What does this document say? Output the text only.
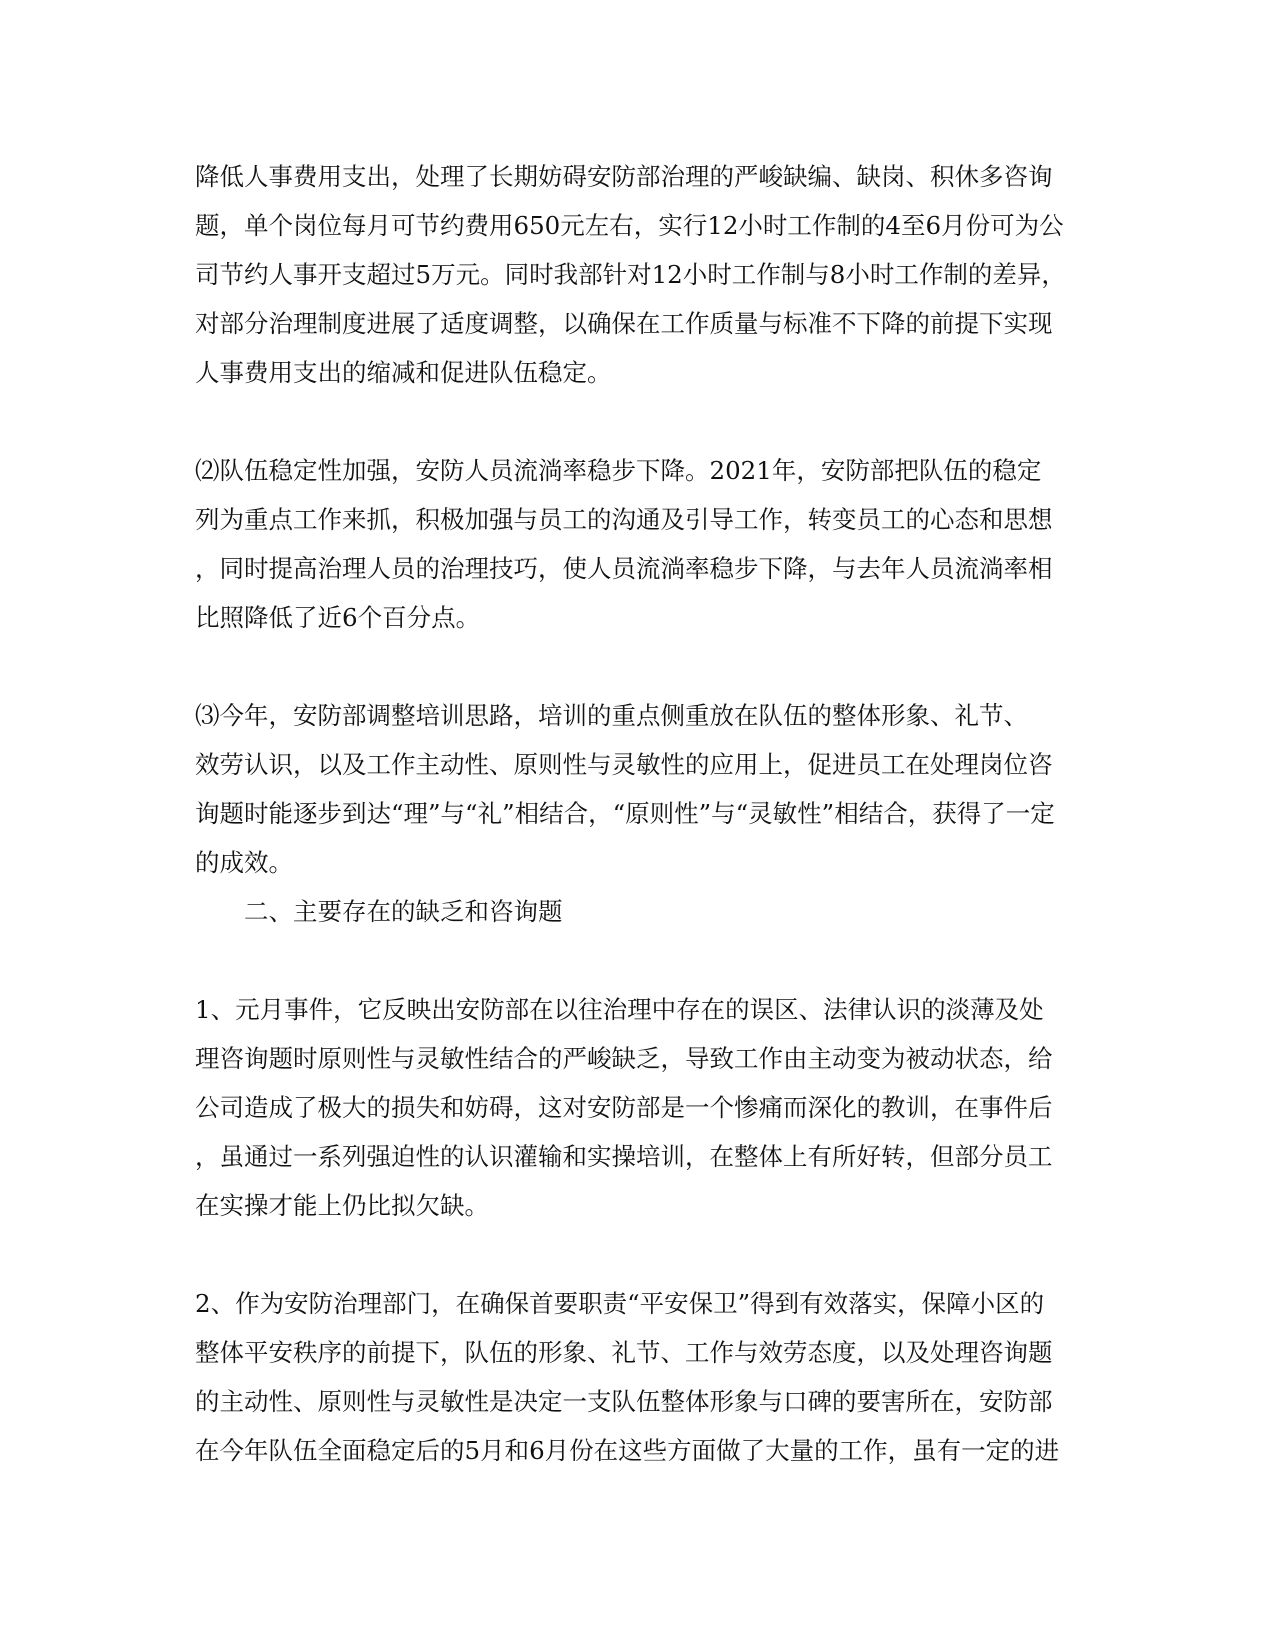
降低人事费用支出，处理了长期妨碍安防部治理的严峻缺编、缺岗、积休多咨询
题，单个岗位每月可节约费用650元左右，实行12小时工作制的4至6月份可为公
司节约人事开支超过5万元。同时我部针对12小时工作制与8小时工作制的差异，
对部分治理制度进展了适度调整，以确保在工作质量与标准不下降的前提下实现
人事费用支出的缩减和促进队伍稳定。
⑵队伍稳定性加强，安防人员流淌率稳步下降。2021年，安防部把队伍的稳定
列为重点工作来抓，积极加强与员工的沟通及引导工作，转变员工的心态和思想
，同时提高治理人员的治理技巧，使人员流淌率稳步下降，与去年人员流淌率相
比照降低了近6个百分点。
⑶今年，安防部调整培训思路，培训的重点侧重放在队伍的整体形象、礼节、
效劳认识，以及工作主动性、原则性与灵敏性的应用上，促进员工在处理岗位咨
询题时能逐步到达“理”与“礼”相结合，“原则性”与“灵敏性”相结合，获得了一定
的成效。
二、主要存在的缺乏和咨询题
1、元月事件，它反映出安防部在以往治理中存在的误区、法律认识的淡薄及处
理咨询题时原则性与灵敏性结合的严峻缺乏，导致工作由主动变为被动状态，给
公司造成了极大的损失和妨碍，这对安防部是一个惨痛而深化的教训，在事件后
，虽通过一系列强迫性的认识灌输和实操培训，在整体上有所好转，但部分员工
在实操才能上仍比拟欠缺。
2、作为安防治理部门，在确保首要职责“平安保卫”得到有效落实，保障小区的
整体平安秩序的前提下，队伍的形象、礼节、工作与效劳态度，以及处理咨询题
的主动性、原则性与灵敏性是决定一支队伍整体形象与口碑的要害所在，安防部
在今年队伍全面稳定后的5月和6月份在这些方面做了大量的工作，虽有一定的进
